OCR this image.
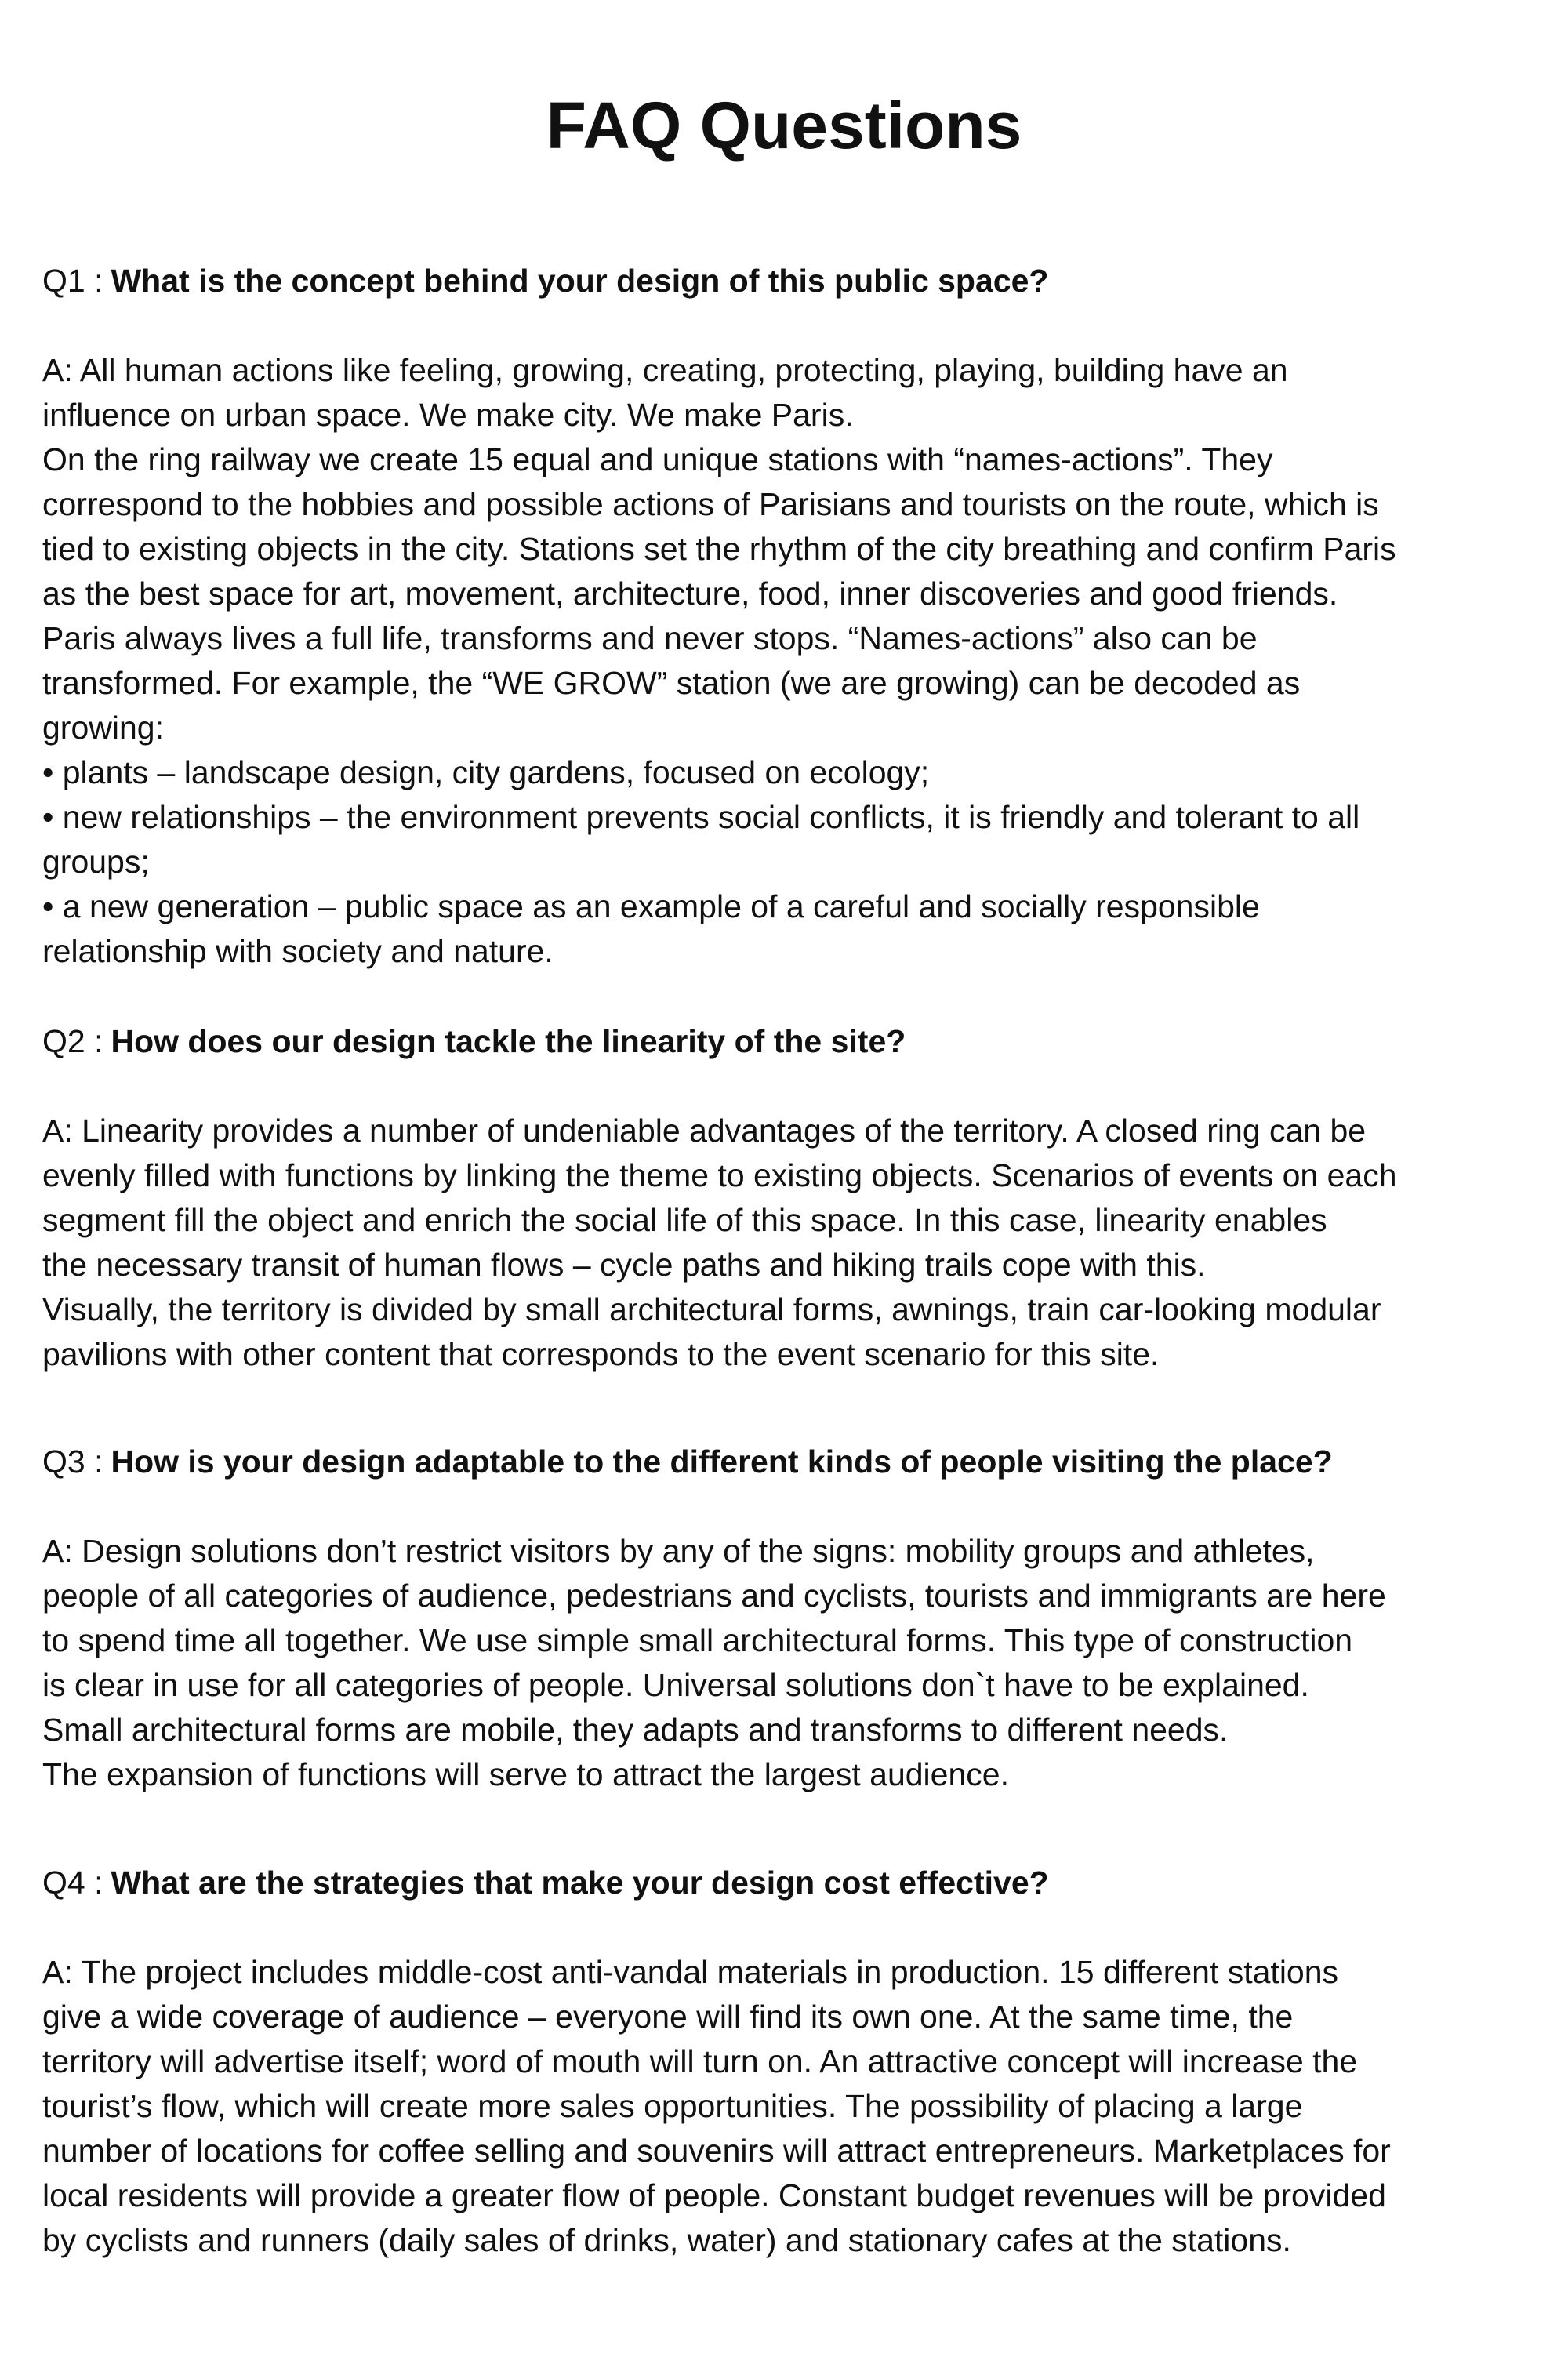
FAQ Questions

Q1 : What is the concept behind your design of this public space?

A: All human actions like feeling, growing, creating, protecting, playing, building have an
influence on urban space. We make city. We make Paris.
On the ring railway we create 15 equal and unique stations with “names-actions”. They
correspond to the hobbies and possible actions of Parisians and tourists on the route, which is
tied to existing objects in the city. Stations set the rhythm of the city breathing and confirm Paris
as the best space for art, movement, architecture, food, inner discoveries and good friends.
Paris always lives a full life, transforms and never stops. “Names-actions” also can be
transformed. For example, the “WE GROW” station (we are growing) can be decoded as
growing:
• plants – landscape design, city gardens, focused on ecology;
• new relationships – the environment prevents social conflicts, it is friendly and tolerant to all
groups;
• a new generation – public space as an example of a careful and socially responsible
relationship with society and nature.

Q2 : How does our design tackle the linearity of the site?

A: Linearity provides a number of undeniable advantages of the territory. A closed ring can be
evenly filled with functions by linking the theme to existing objects. Scenarios of events on each
segment fill the object and enrich the social life of this space. In this case, linearity enables
the necessary transit of human flows – cycle paths and hiking trails cope with this.
Visually, the territory is divided by small architectural forms, awnings, train car-looking modular
pavilions with other content that corresponds to the event scenario for this site.

Q3 : How is your design adaptable to the different kinds of people visiting the place?

A: Design solutions don’t restrict visitors by any of the signs: mobility groups and athletes,
people of all categories of audience, pedestrians and cyclists, tourists and immigrants are here
to spend time all together. We use simple small architectural forms. This type of construction
is clear in use for all categories of people. Universal solutions don`t have to be explained.
Small architectural forms are mobile, they adapts and transforms to different needs.
The expansion of functions will serve to attract the largest audience.

Q4 : What are the strategies that make your design cost effective?

A: The project includes middle-cost anti-vandal materials in production. 15 different stations
give a wide coverage of audience – everyone will find its own one. At the same time, the
territory will advertise itself; word of mouth will turn on. An attractive concept will increase the
tourist’s flow, which will create more sales opportunities. The possibility of placing a large
number of locations for coffee selling and souvenirs will attract entrepreneurs. Marketplaces for
local residents will provide a greater flow of people. Constant budget revenues will be provided
by cyclists and runners (daily sales of drinks, water) and stationary cafes at the stations.
